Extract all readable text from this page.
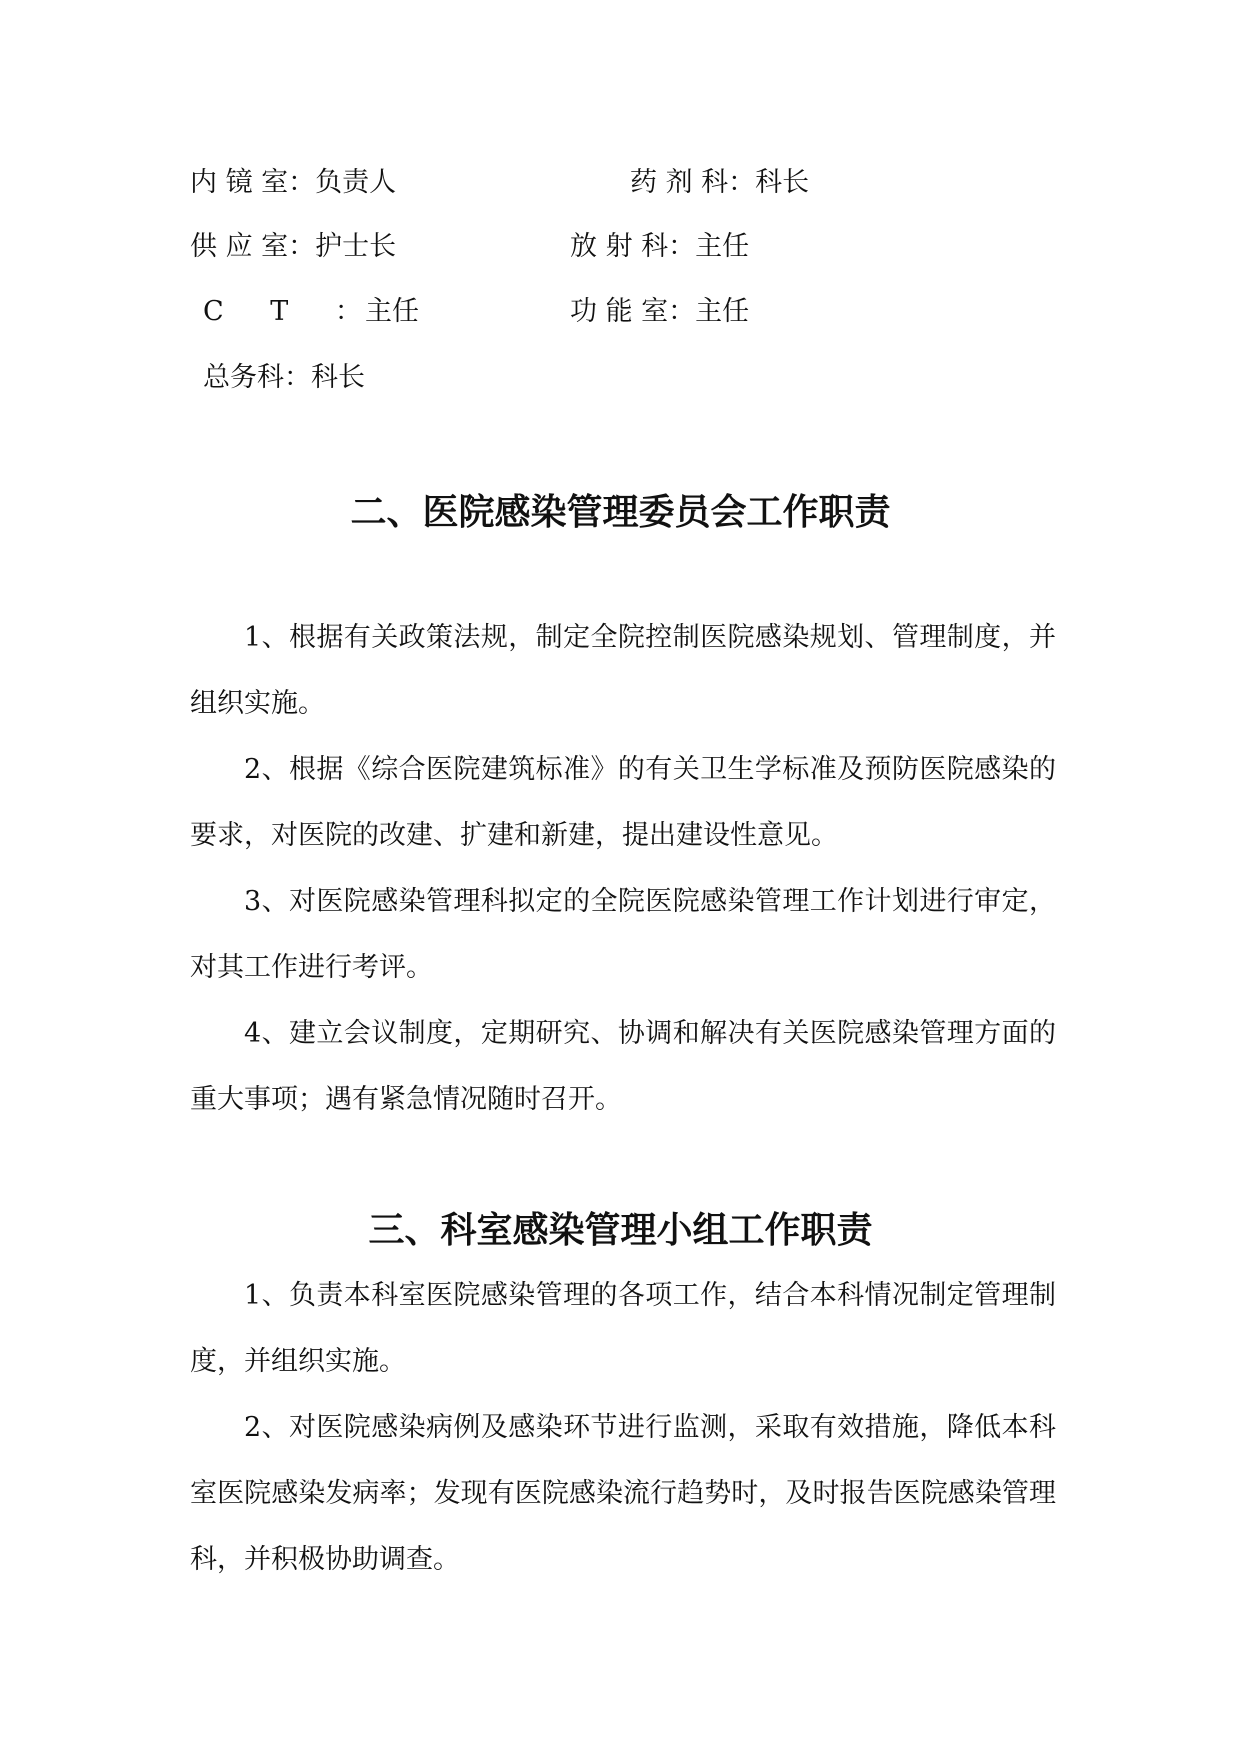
内 镜 室：负责人	药 剂 科：科长
供 应 室：护士长	放 射 科：主任
C T ： 主任	功 能 室：主任
总务科：科长
二、医院感染管理委员会工作职责

1、根据有关政策法规，制定全院控制医院感染规划、管理制度，并组织实施。

2、根据《综合医院建筑标准》的有关卫生学标准及预防医院感染的要求，对医院的改建、扩建和新建，提出建设性意见。

3、对医院感染管理科拟定的全院医院感染管理工作计划进行审定，对其工作进行考评。

4、建立会议制度，定期研究、协调和解决有关医院感染管理方面的重大事项；遇有紧急情况随时召开。

三、科室感染管理小组工作职责

1、负责本科室医院感染管理的各项工作，结合本科情况制定管理制度，并组织实施。

2、对医院感染病例及感染环节进行监测，采取有效措施，降低本科室医院感染发病率；发现有医院感染流行趋势时，及时报告医院感染管理科，并积极协助调查。
